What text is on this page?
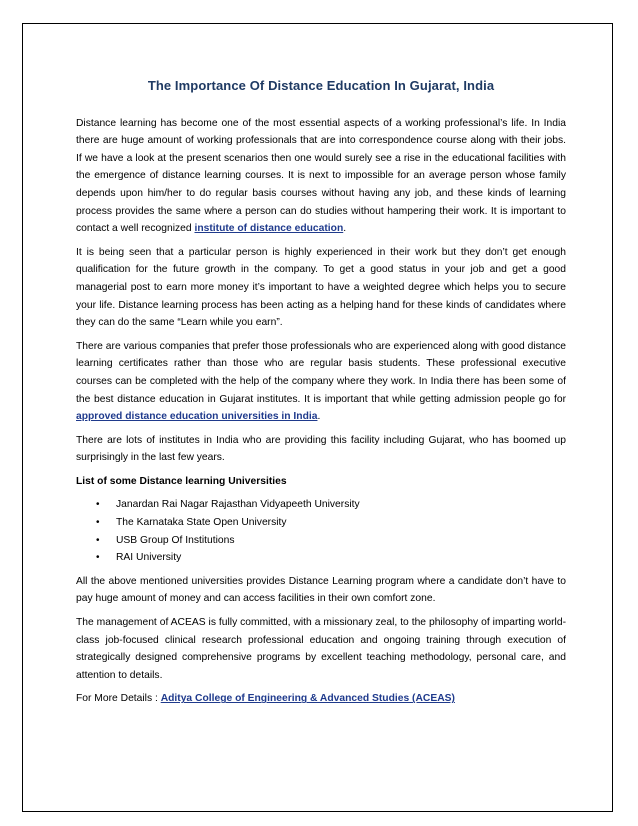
The Importance Of Distance Education In Gujarat, India

Distance learning has become one of the most essential aspects of a working professional’s life. In India there are huge amount of working professionals that are into correspondence course along with their jobs. If we have a look at the present scenarios then one would surely see a rise in the educational facilities with the emergence of distance learning courses. It is next to impossible for an average person whose family depends upon him/her to do regular basis courses without having any job, and these kinds of learning process provides the same where a person can do studies without hampering their work. It is important to contact a well recognized institute of distance education.

It is being seen that a particular person is highly experienced in their work but they don’t get enough qualification for the future growth in the company. To get a good status in your job and get a good managerial post to earn more money it’s important to have a weighted degree which helps you to secure your life. Distance learning process has been acting as a helping hand for these kinds of candidates where they can do the same “Learn while you earn”.

There are various companies that prefer those professionals who are experienced along with good distance learning certificates rather than those who are regular basis students. These professional executive courses can be completed with the help of the company where they work. In India there has been some of the best distance education in Gujarat institutes. It is important that while getting admission people go for approved distance education universities in India.

There are lots of institutes in India who are providing this facility including Gujarat, who has boomed up surprisingly in the last few years.

List of some Distance learning Universities
• Janardan Rai Nagar Rajasthan Vidyapeeth University
• The Karnataka State Open University
• USB Group Of Institutions
• RAI University

All the above mentioned universities provides Distance Learning program where a candidate don’t have to pay huge amount of money and can access facilities in their own comfort zone.

The management of ACEAS is fully committed, with a missionary zeal, to the philosophy of imparting world-class job-focused clinical research professional education and ongoing training through execution of strategically designed comprehensive programs by excellent teaching methodology, personal care, and attention to details.

For More Details : Aditya College of Engineering & Advanced Studies (ACEAS)
